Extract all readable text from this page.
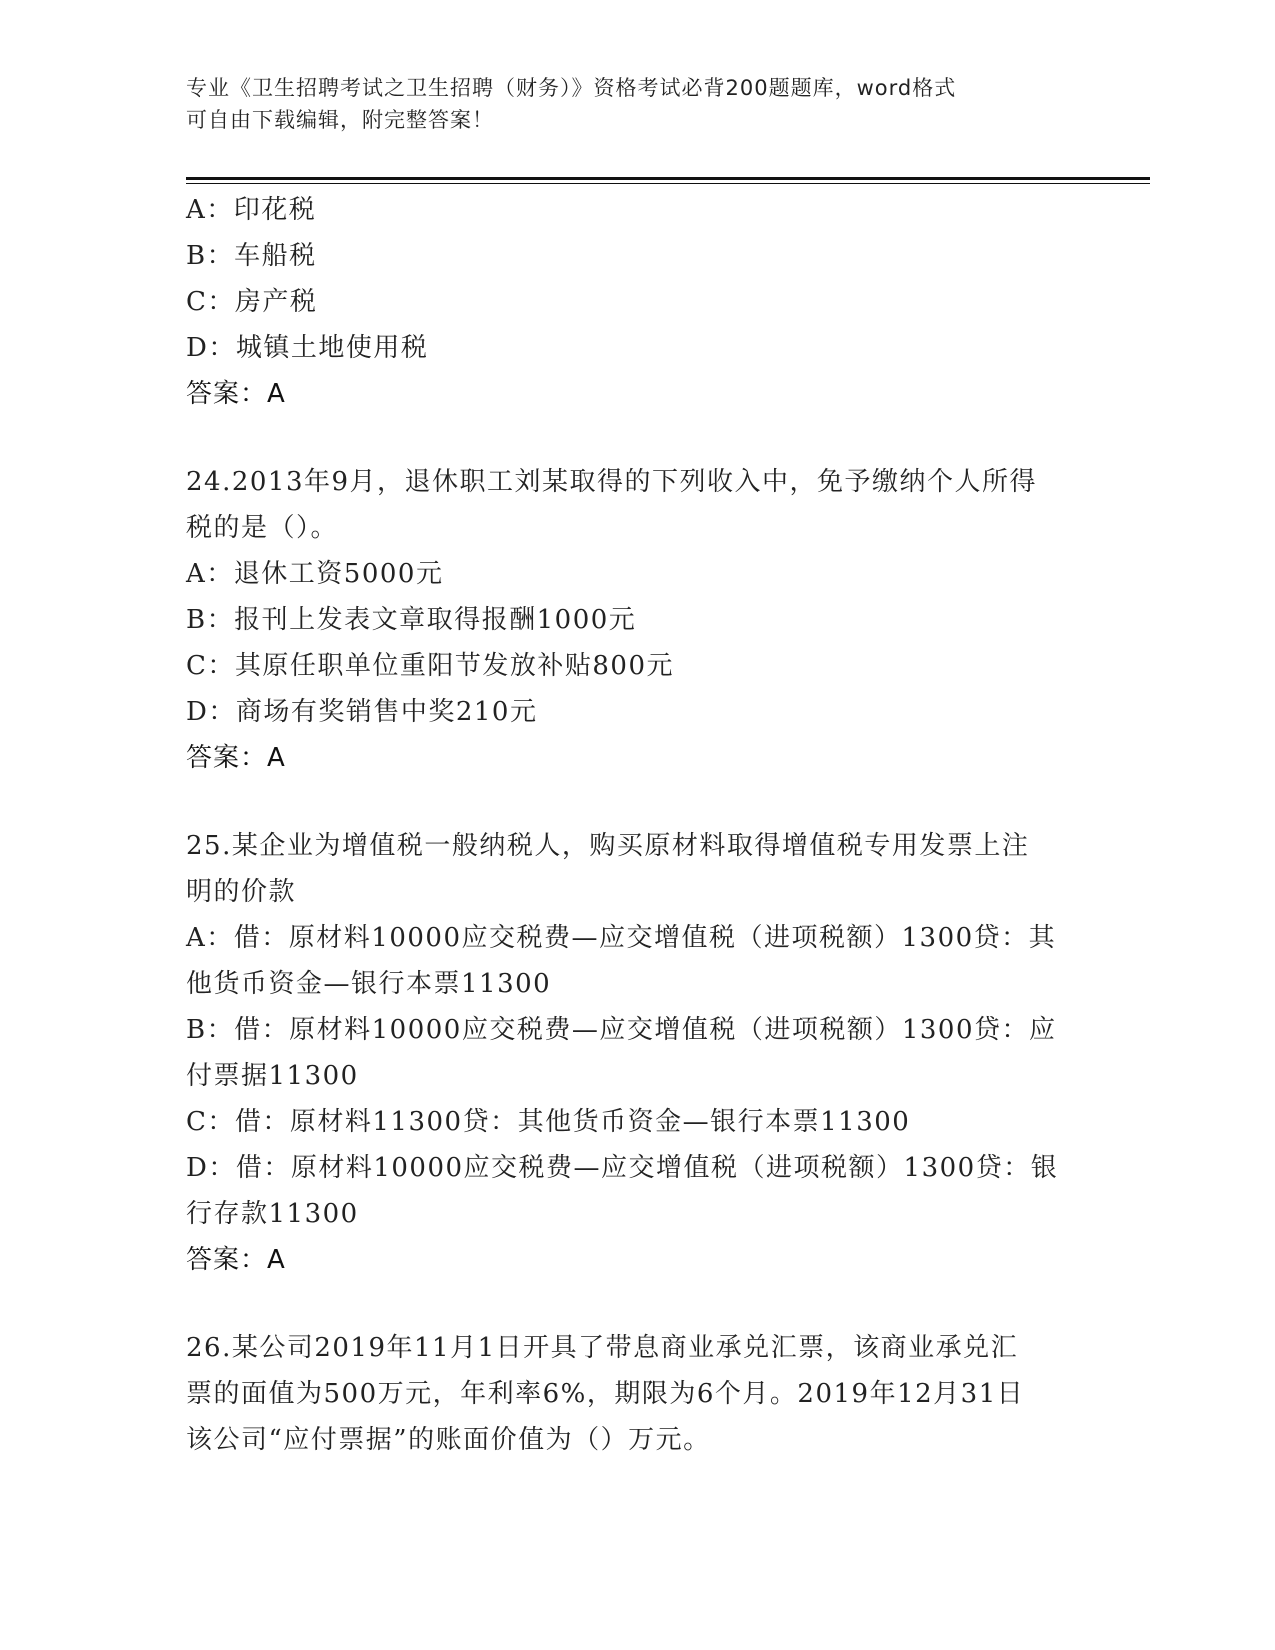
专业《卫生招聘考试之卫生招聘（财务）》资格考试必背200题题库，word格式
可自由下载编辑，附完整答案！
A：印花税
B：车船税
C：房产税
D：城镇土地使用税
答案：A
24.2013年9月，退休职工刘某取得的下列收入中，免予缴纳个人所得
税的是（）。
A：退休工资5000元
B：报刊上发表文章取得报酬1000元
C：其原任职单位重阳节发放补贴800元
D：商场有奖销售中奖210元
答案：A
25.某企业为增值税一般纳税人，购买原材料取得增值税专用发票上注
明的价款
A：借：原材料10000应交税费—应交增值税（进项税额）1300贷：其
他货币资金—银行本票11300
B：借：原材料10000应交税费—应交增值税（进项税额）1300贷：应
付票据11300
C：借：原材料11300贷：其他货币资金—银行本票11300
D：借：原材料10000应交税费—应交增值税（进项税额）1300贷：银
行存款11300
答案：A
26.某公司2019年11月1日开具了带息商业承兑汇票，该商业承兑汇
票的面值为500万元，年利率6%，期限为6个月。2019年12月31日
该公司“应付票据”的账面价值为（）万元。
